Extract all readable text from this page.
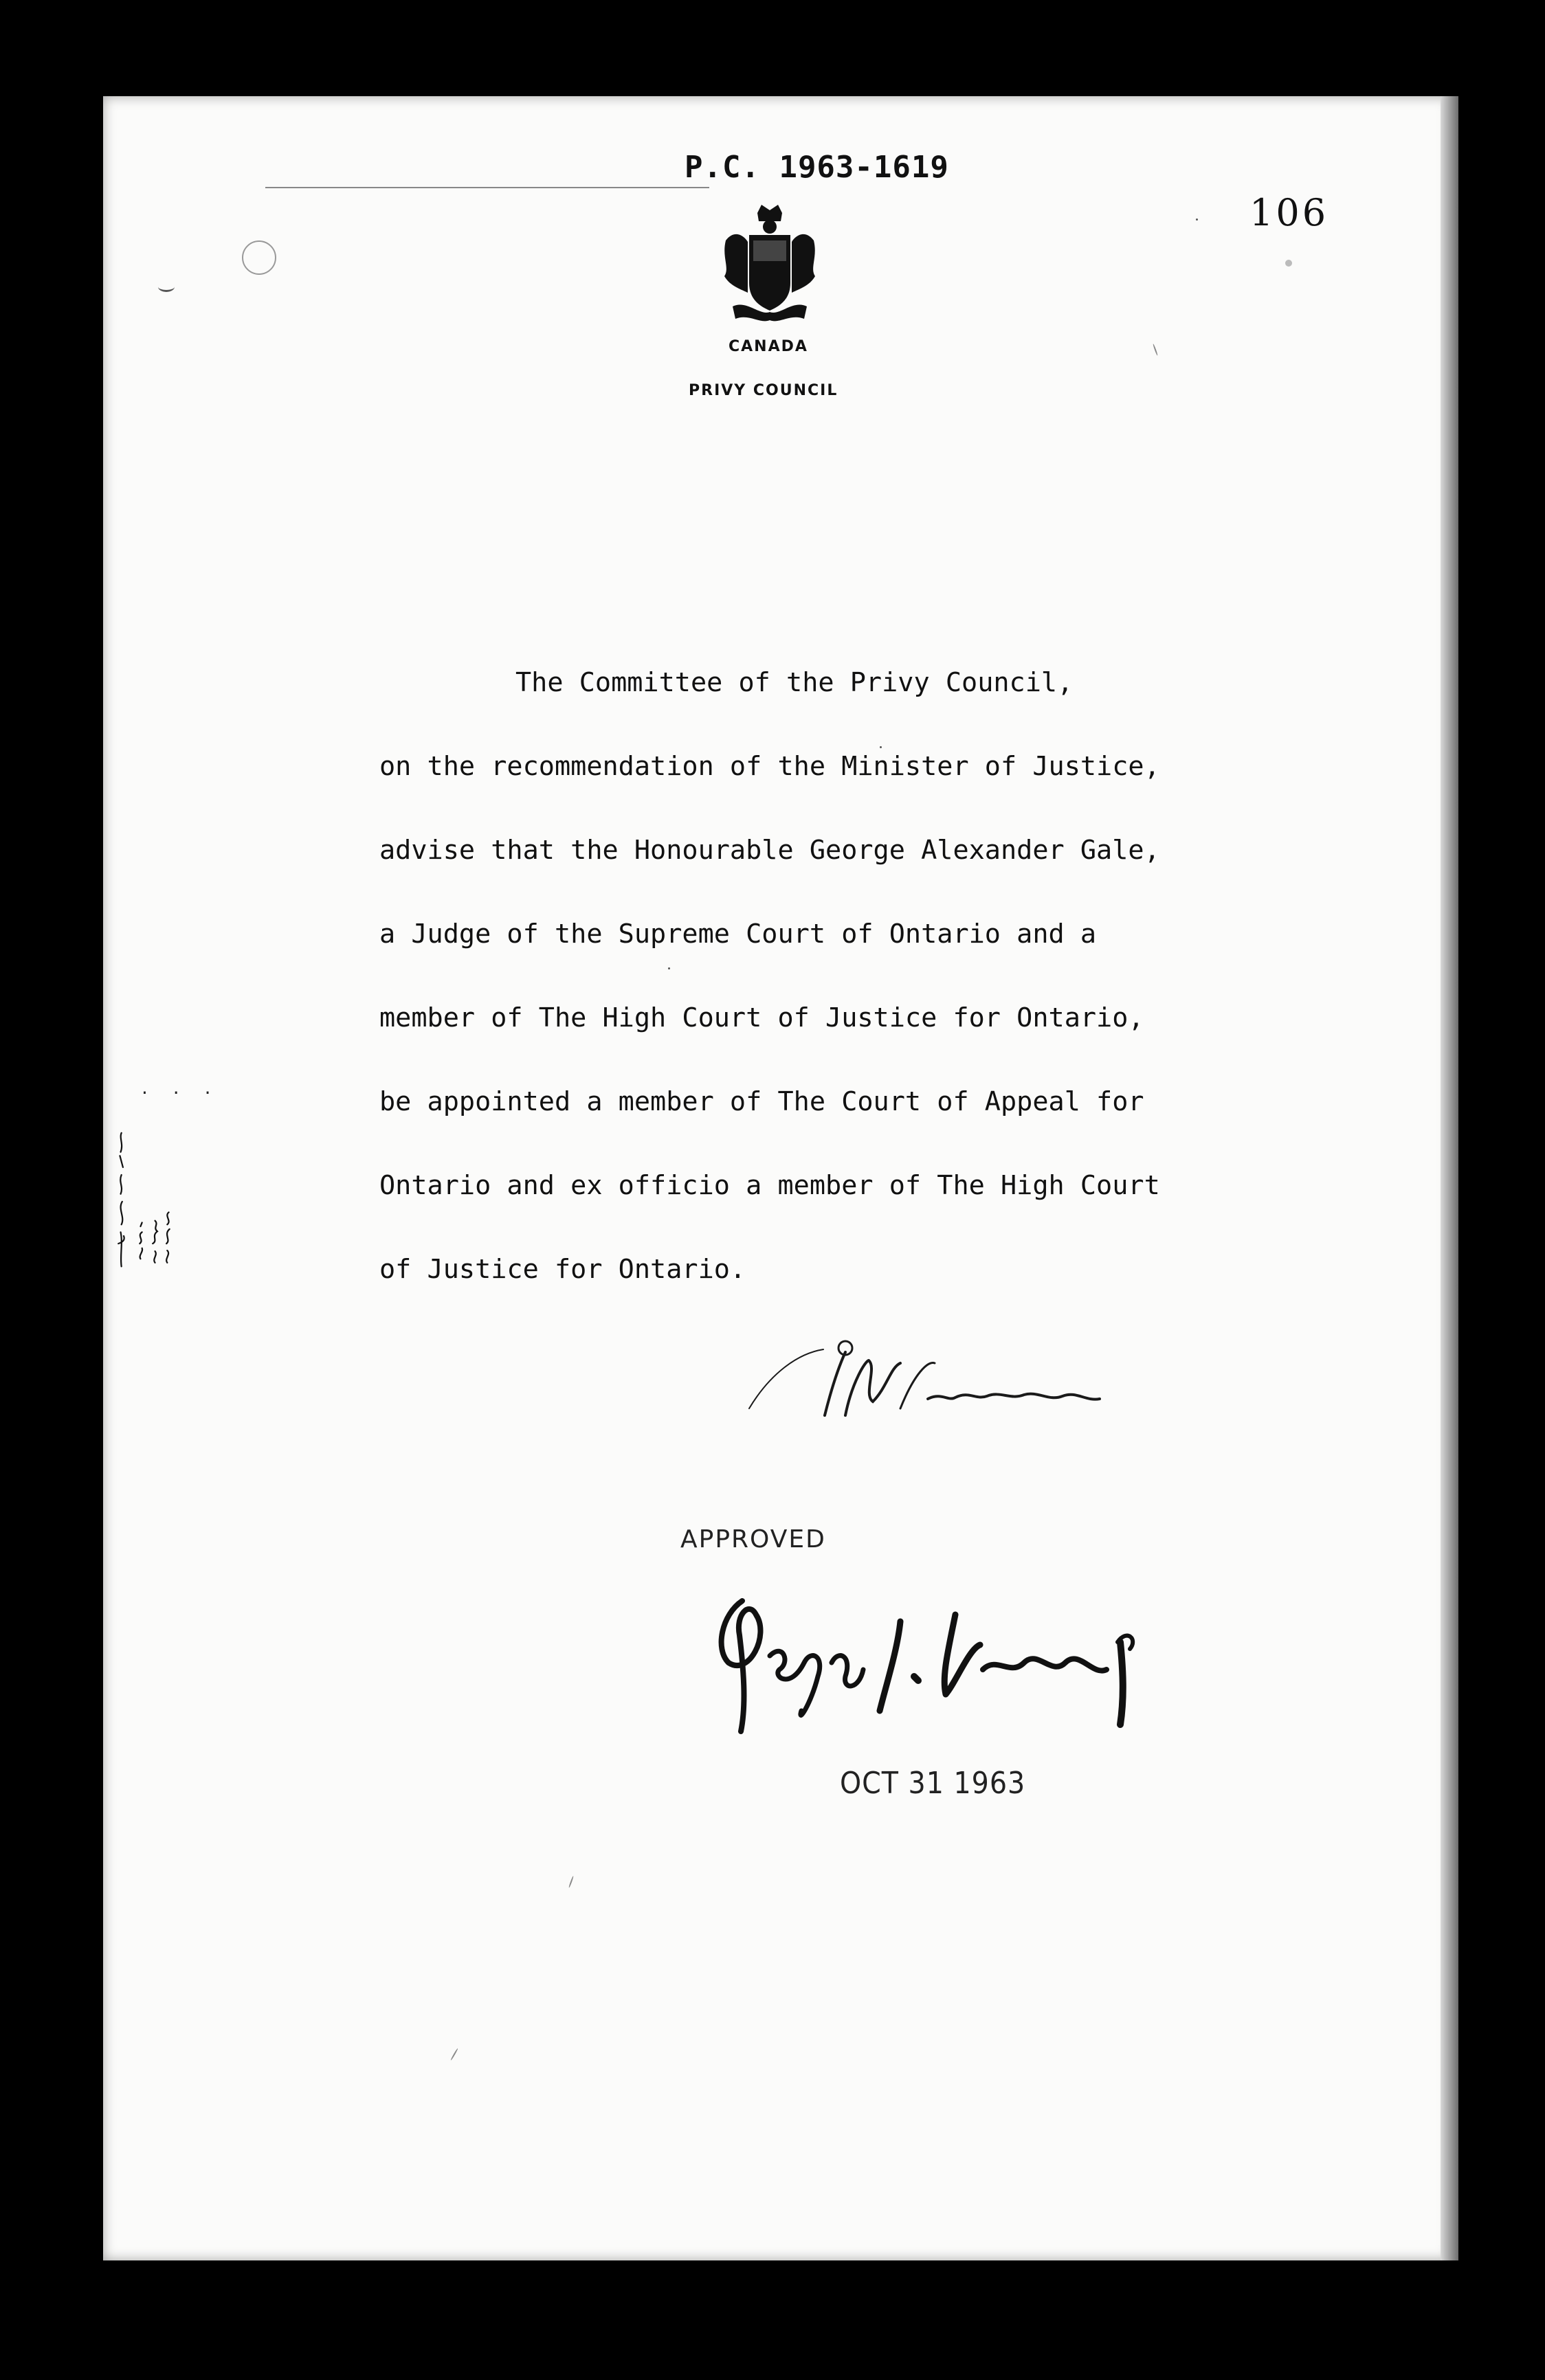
P.C. 1963-1619
106
CANADA
PRIVY COUNCIL
The Committee of the Privy Council,
on the recommendation of the Minister of Justice,
advise that the Honourable George Alexander Gale,
a Judge of the Supreme Court of Ontario and a
member of The High Court of Justice for Ontario,
be appointed a member of The Court of Appeal for
Ontario and ex officio a member of The High Court
of Justice for Ontario.
· · ·
APPROVED
OCT 31 1963
